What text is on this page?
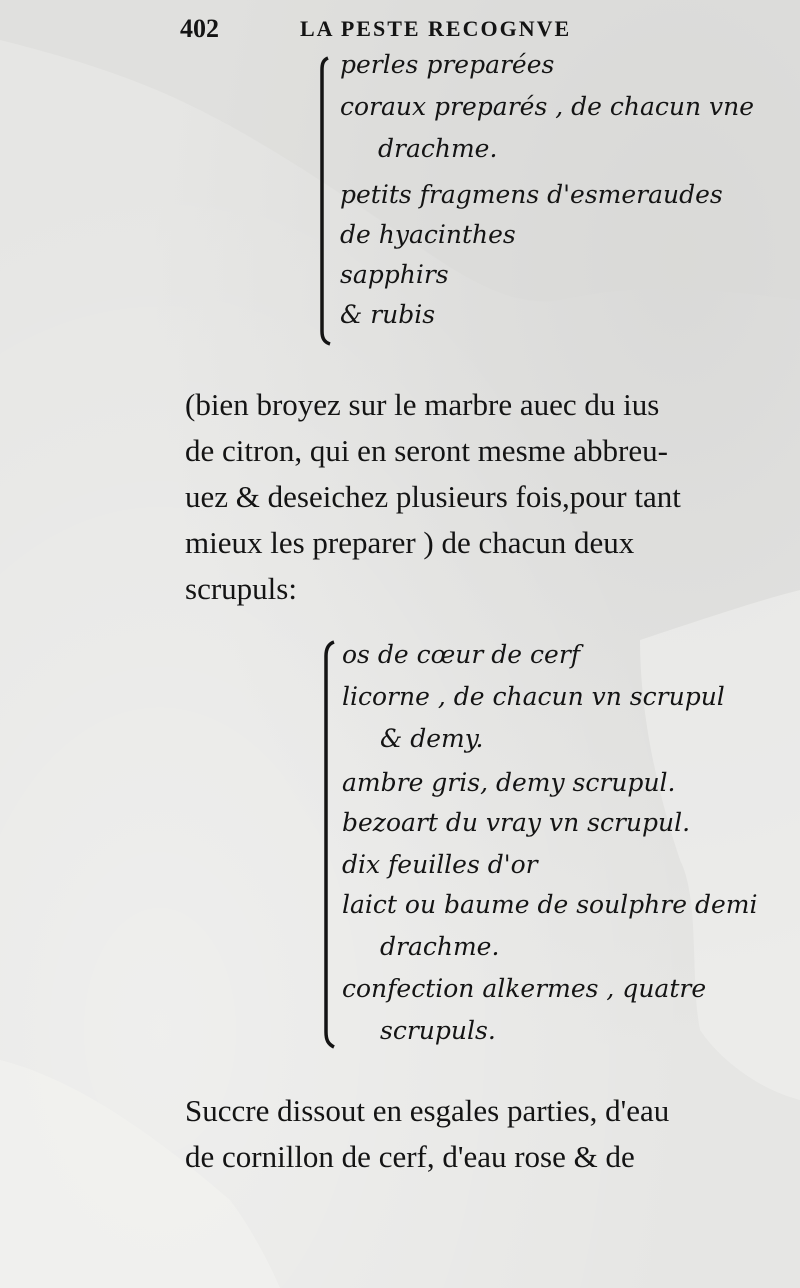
402	LA PESTE RECOGNVE
perles preparées
coraux preparés , de chacun vne
drachme.
petits fragmens d'esmeraudes
de hyacinthes
sapphirs
& rubis
(bien broyez sur le marbre auec du ius
de citron, qui en seront mesme abbreu-
uez & deseichez plusieurs fois,pour tant
mieux les preparer ) de chacun deux
scrupuls:
os de cœur de cerf
licorne , de chacun vn scrupul
& demy.
ambre gris, demy scrupul.
bezoart du vray vn scrupul.
dix feuilles d'or
laict ou baume de soulphre demi
drachme.
confection alkermes , quatre
scrupuls.
Succre dissout en esgales parties, d'eau
de cornillon de cerf, d'eau rose & de
